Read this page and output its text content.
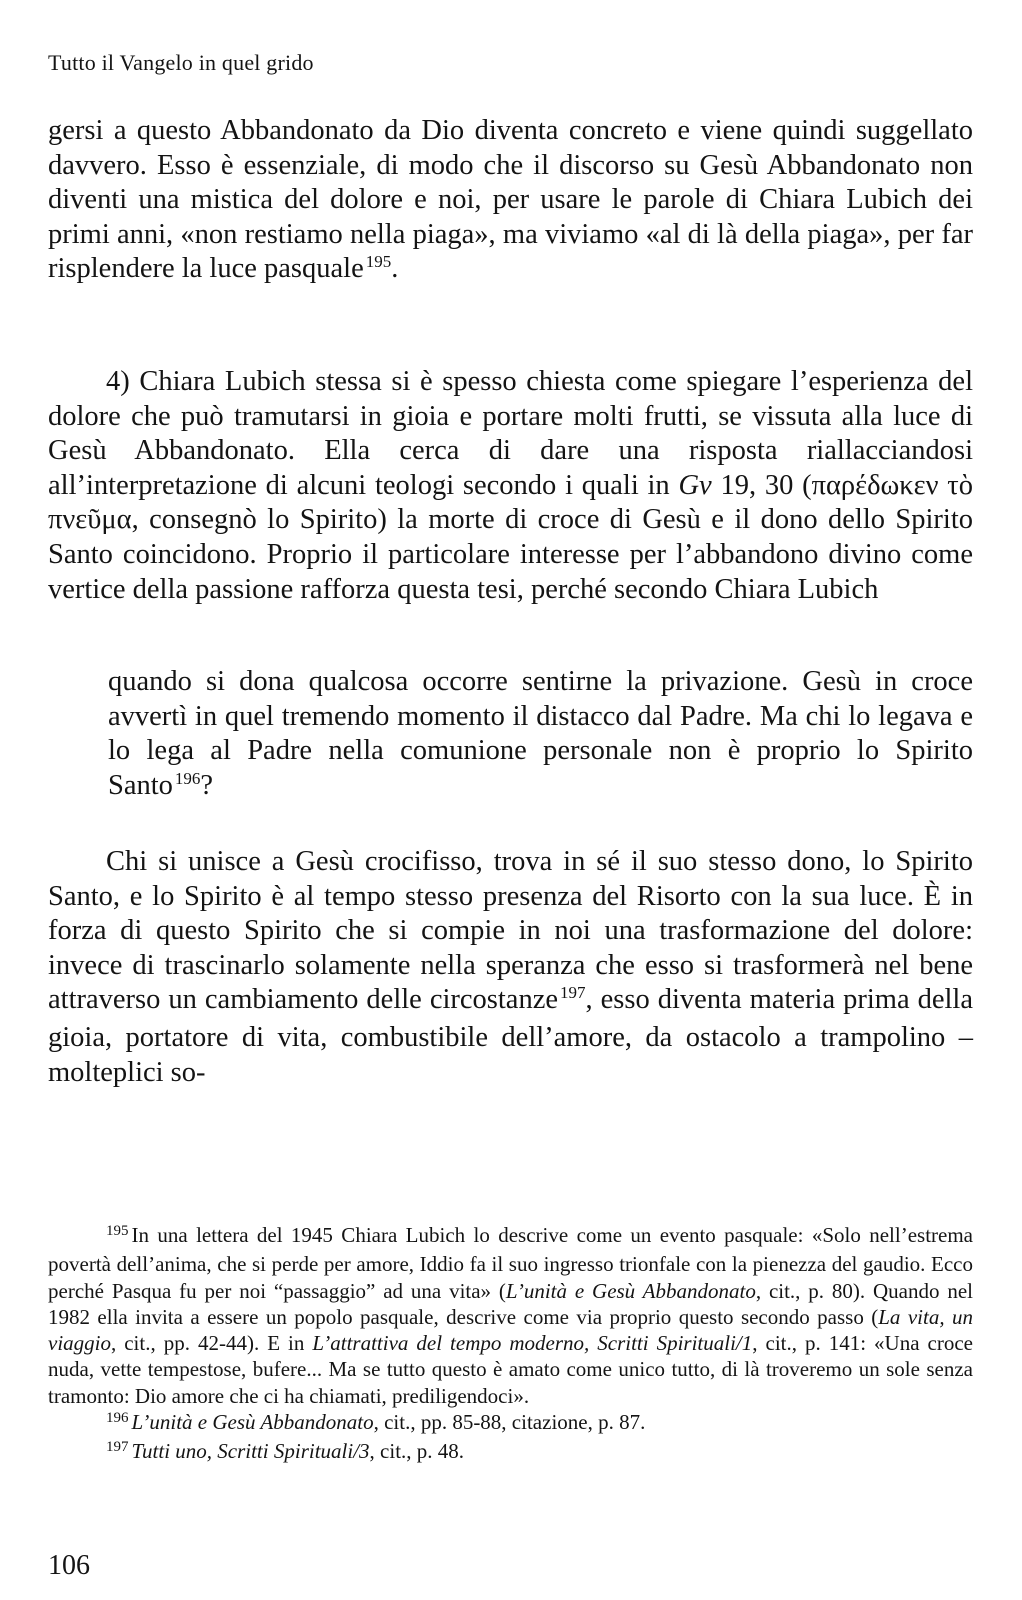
Tutto il Vangelo in quel grido

gersi a questo Abbandonato da Dio diventa concreto e viene quindi suggellato davvero. Esso è essenziale, di modo che il discorso su Gesù Abbandonato non diventi una mistica del dolore e noi, per usare le parole di Chiara Lubich dei primi anni, «non restiamo nella piaga», ma viviamo «al di là della piaga», per far risplendere la luce pasquale $^{195}$.

4) Chiara Lubich stessa si è spesso chiesta come spiegare l’esperienza del dolore che può tramutarsi in gioia e portare molti frutti, se vissuta alla luce di Gesù Abbandonato. Ella cerca di dare una risposta riallacciandosi all’interpretazione di alcuni teologi secondo i quali in Gv 19, 30 (παρέδωκεν τὸ πνεῦμα, consegnò lo Spirito) la morte di croce di Gesù e il dono dello Spirito Santo coincidono. Proprio il particolare interesse per l’abbandono divino come vertice della passione rafforza questa tesi, perché secondo Chiara Lubich

quando si dona qualcosa occorre sentirne la privazione. Gesù in croce avvertì in quel tremendo momento il distacco dal Padre. Ma chi lo legava e lo lega al Padre nella comunione personale non è proprio lo Spirito Santo $^{196}$?

Chi si unisce a Gesù crocifisso, trova in sé il suo stesso dono, lo Spirito Santo, e lo Spirito è al tempo stesso presenza del Risorto con la sua luce. È in forza di questo Spirito che si compie in noi una trasformazione del dolore: invece di trascinarlo solamente nella speranza che esso si trasformerà nel bene attraverso un cambiamento delle circostanze $^{197}$, esso diventa materia prima della gioia, portatore di vita, combustibile dell’amore, da ostacolo a trampolino – molteplici so-

$^{195}$ In una lettera del 1945 Chiara Lubich lo descrive come un evento pasquale: «Solo nell’estrema povertà dell’anima, che si perde per amore, Iddio fa il suo ingresso trionfale con la pienezza del gaudio. Ecco perché Pasqua fu per noi “passaggio” ad una vita» (L’unità e Gesù Abbandonato, cit., p. 80). Quando nel 1982 ella invita a essere un popolo pasquale, descrive come via proprio questo secondo passo (La vita, un viaggio, cit., pp. 42-44). E in L’attrattiva del tempo moderno, Scritti Spirituali/1, cit., p. 141: «Una croce nuda, vette tempestose, bufere... Ma se tutto questo è amato come unico tutto, di là troveremo un sole senza tramonto: Dio amore che ci ha chiamati, prediligendoci».

$^{196}$ L’unità e Gesù Abbandonato, cit., pp. 85-88, citazione, p. 87.

$^{197}$ Tutti uno, Scritti Spirituali/3, cit., p. 48.

106
